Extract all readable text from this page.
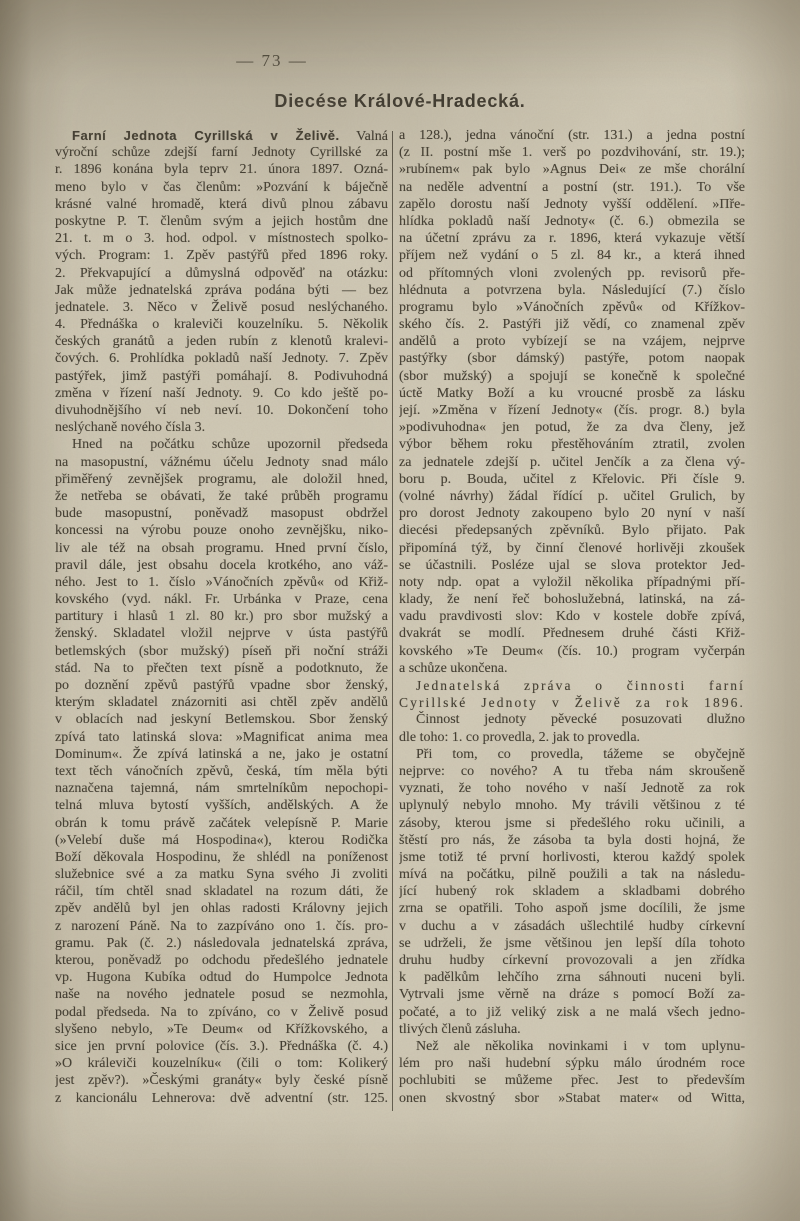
— 73 —
Diecése Králové-Hradecká.
Farní Jednota Cyrillská v Želivě. Valná
výroční schůze zdejší farní Jednoty Cyrillské za
r. 1896 konána byla teprv 21. února 1897. Ozná-
meno bylo v čas členům: »Pozvání k báječně
krásné valné hromadě, která divů plnou zábavu
poskytne P. T. členům svým a jejich hostům dne
21. t. m o 3. hod. odpol. v místnostech spolko-
vých. Program: 1. Zpěv pastýřů před 1896 roky.
2. Překvapující a důmyslná odpověď na otázku:
Jak může jednatelská zpráva podána býti — bez
jednatele. 3. Něco v Želivě posud neslýchaného.
4. Přednáška o kraleviči kouzelníku. 5. Několik
českých granátů a jeden rubín z klenotů kralevi-
čových. 6. Prohlídka pokladů naší Jednoty. 7. Zpěv
pastýřek, jimž pastýři pomáhají. 8. Podivuhodná
změna v řízení naší Jednoty. 9. Co kdo ještě po-
divuhodnějšího ví neb neví. 10. Dokončení toho
neslýchaně nového čísla 3.
Hned na počátku schůze upozornil předseda
na masopustní, vážnému účelu Jednoty snad málo
přiměřený zevnějšek programu, ale doložil hned,
že netřeba se obávati, že také průběh programu
bude masopustní, poněvadž masopust obdržel
koncessi na výrobu pouze onoho zevnějšku, niko-
liv ale též na obsah programu. Hned první číslo,
pravil dále, jest obsahu docela krotkého, ano váž-
ného. Jest to 1. číslo »Vánočních zpěvů« od Křiž-
kovského (vyd. nákl. Fr. Urbánka v Praze, cena
partitury i hlasů 1 zl. 80 kr.) pro sbor mužský a
ženský. Skladatel vložil nejprve v ústa pastýřů
betlemských (sbor mužský) píseň při noční stráži
stád. Na to přečten text písně a podotknuto, že
po doznění zpěvů pastýřů vpadne sbor ženský,
kterým skladatel znázorniti asi chtěl zpěv andělů
v oblacích nad jeskyní Betlemskou. Sbor ženský
zpívá tato latinská slova: »Magnificat anima mea
Dominum«. Že zpívá latinská a ne, jako je ostatní
text těch vánočních zpěvů, česká, tím měla býti
naznačena tajemná, nám smrtelníkům nepochopi-
telná mluva bytostí vyšších, andělských. A že
obrán k tomu právě začátek velepísně P. Marie
(»Velebí duše má Hospodina«), kterou Rodička
Boží děkovala Hospodinu, že shlédl na poníženost
služebnice své a za matku Syna svého Ji zvoliti
ráčil, tím chtěl snad skladatel na rozum dáti, že
zpěv andělů byl jen ohlas radosti Královny jejich
z narození Páně. Na to zazpíváno ono 1. čís. pro-
gramu. Pak (č. 2.) následovala jednatelská zpráva,
kterou, poněvadž po odchodu předešlého jednatele
vp. Hugona Kubíka odtud do Humpolce Jednota
naše na nového jednatele posud se nezmohla,
podal předseda. Na to zpíváno, co v Želivě posud
slyšeno nebylo, »Te Deum« od Křížkovského, a
sice jen první polovice (čís. 3.). Přednáška (č. 4.)
»O králeviči kouzelníku« (čili o tom: Kolikerý
jest zpěv?). »Českými granáty« byly české písně
z kancionálu Lehnerova: dvě adventní (str. 125.
a 128.), jedna vánoční (str. 131.) a jedna postní
(z II. postní mše 1. verš po pozdvihování, str. 19.);
»rubínem« pak bylo »Agnus Dei« ze mše chorální
na neděle adventní a postní (str. 191.). To vše
zapělo dorostu naší Jednoty vyšší oddělení. »Пře-
hlídka pokladů naší Jednoty« (č. 6.) obmezila se
na účetní zprávu za r. 1896, která vykazuje větší
příjem než vydání o 5 zl. 84 kr., a která ihned
od přítomných vloni zvolených pp. revisorů pře-
hlédnuta a potvrzena byla. Následující (7.) číslo
programu bylo »Vánočních zpěvů« od Křížkov-
ského čís. 2. Pastýři již vědí, co znamenal zpěv
andělů a proto vybízejí se na vzájem, nejprve
pastýřky (sbor dámský) pastýře, potom naopak
(sbor mužský) a spojují se konečně k společné
úctě Matky Boží a ku vroucné prosbě za lásku
její. »Změna v řízení Jednoty« (čís. progr. 8.) byla
»podivuhodna« jen potud, že za dva členy, jež
výbor během roku přestěhováním ztratil, zvolen
za jednatele zdejší p. učitel Jenčík a za člena vý-
boru p. Bouda, učitel z Křelovic. Při čísle 9.
(volné návrhy) žádal řídící p. učitel Grulich, by
pro dorost Jednoty zakoupeno bylo 20 nyní v naší
diecési předepsaných zpěvníků. Bylo přijato. Pak
připomíná týž, by činní členové horlivěji zkoušek
se účastnili. Posléze ujal se slova protektor Jed-
noty ndp. opat a vyložil několika případnými pří-
klady, že není řeč bohoslužebná, latinská, na zá-
vadu pravdivosti slov: Kdo v kostele dobře zpívá,
dvakrát se modlí. Přednesem druhé části Křiž-
kovského »Te Deum« (čís. 10.) program vyčerpán
a schůze ukončena.
Jednatelská zpráva o činnosti farní
Cyrillské Jednoty v Želivě za rok 1896.
Činnost jednoty pěvecké posuzovati dlužno
dle toho: 1. co provedla, 2. jak to provedla.
Při tom, co provedla, tážeme se obyčejně
nejprve: co nového? A tu třeba nám skroušeně
vyznati, že toho nového v naší Jednotě za rok
uplynulý nebylo mnoho. My trávili většinou z té
zásoby, kterou jsme si předešlého roku učinili, a
štěstí pro nás, že zásoba ta byla dosti hojná, že
jsme totiž té první horlivosti, kterou každý spolek
mívá na počátku, pilně použili a tak na následu-
jící hubený rok skladem a skladbami dobrého
zrna se opatřili. Toho aspoň jsme docílili, že jsme
v duchu a v zásadách ušlechtilé hudby církevní
se udrželi, že jsme většinou jen lepší díla tohoto
druhu hudby církevní provozovali a jen zřídka
k padělkům lehčího zrna sáhnouti nuceni byli.
Vytrvali jsme věrně na dráze s pomocí Boží za-
počaté, a to již veliký zisk a ne malá všech jedno-
tlivých členů zásluha.
Než ale několika novinkami i v tom uplynu-
lém pro naši hudební sýpku málo úrodném roce
pochlubiti se můžeme přec. Jest to především
onen skvostný sbor »Stabat mater« od Witta,
